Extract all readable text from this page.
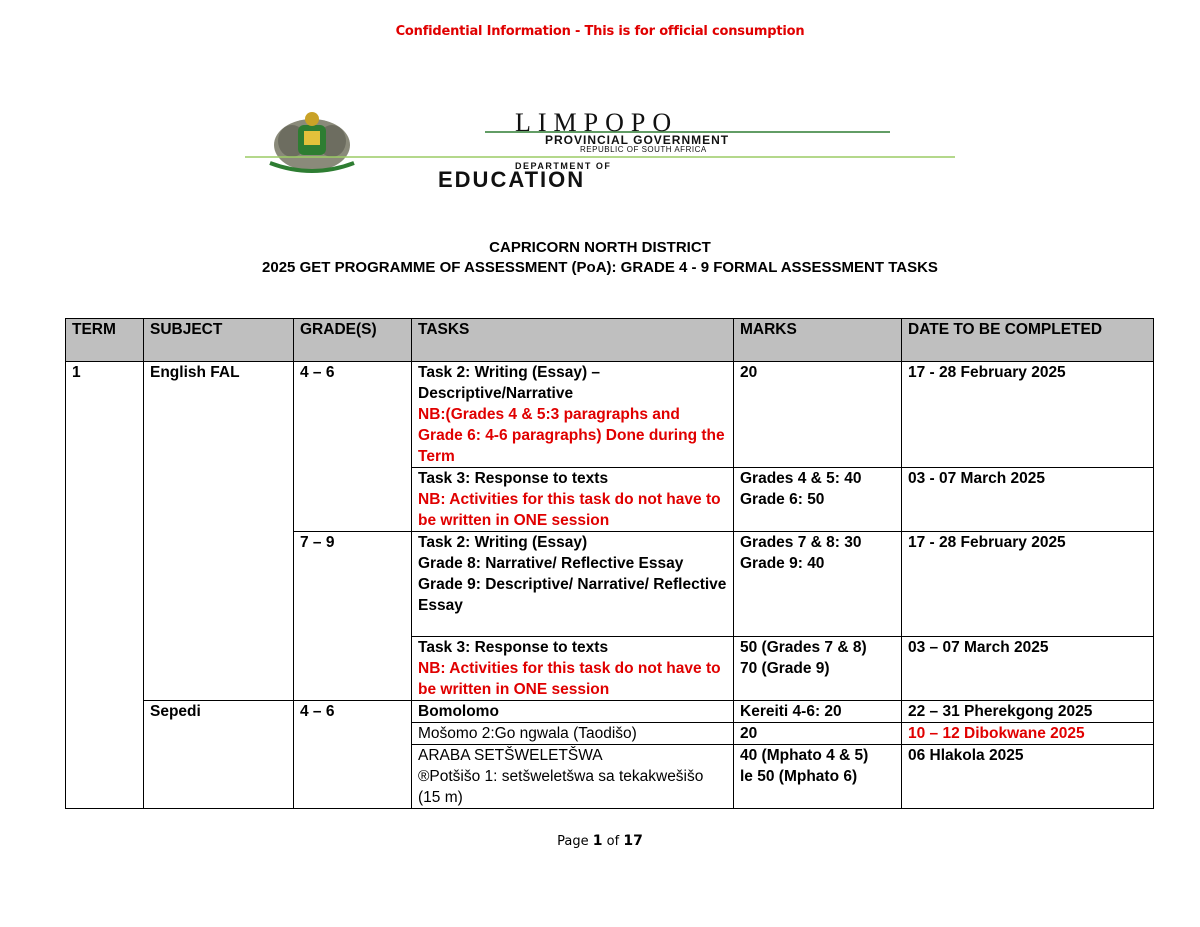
Confidential Information - This is for official consumption
LIMPOPO
PROVINCIAL GOVERNMENT
REPUBLIC OF SOUTH AFRICA
DEPARTMENT OF
EDUCATION
CAPRICORN NORTH DISTRICT
2025 GET PROGRAMME OF ASSESSMENT (PoA): GRADE 4 - 9 FORMAL ASSESSMENT TASKS
TERM	SUBJECT	GRADE(S)	TASKS	MARKS	DATE TO BE COMPLETED
1	English FAL	4 – 6	Task 2: Writing (Essay) –
Descriptive/Narrative
NB:(Grades 4 & 5:3 paragraphs and Grade 6: 4-6 paragraphs) Done during the Term	20	17 - 28 February 2025

			Task 3: Response to texts
NB: Activities for this task do not have to be written in ONE session	Grades 4 & 5: 40
Grade 6: 50	03 - 07 March 2025
		7 – 9	Task 2: Writing (Essay)
Grade 8: Narrative/ Reflective Essay
Grade 9: Descriptive/ Narrative/ Reflective Essay	Grades 7 & 8: 30
Grade 9: 40	17 - 28 February 2025

			Task 3: Response to texts
NB: Activities for this task do not have to be written in ONE session	50 (Grades 7 & 8)
70 (Grade 9)	03 – 07 March 2025
	Sepedi	4 – 6	Bomolomo	Kereiti 4-6: 20	22 – 31 Pherekgong 2025
			Mošomo 2:Go ngwala (Taodišo)	20	10 – 12 Dibokwane 2025

			ARABA SETŠWELETŠWA
®Potšišo 1: setšweletšwa sa tekakwešišo (15 m)	40 (Mphato 4 & 5)
le 50 (Mphato 6)	06 Hlakola 2025
Page 1 of 17
